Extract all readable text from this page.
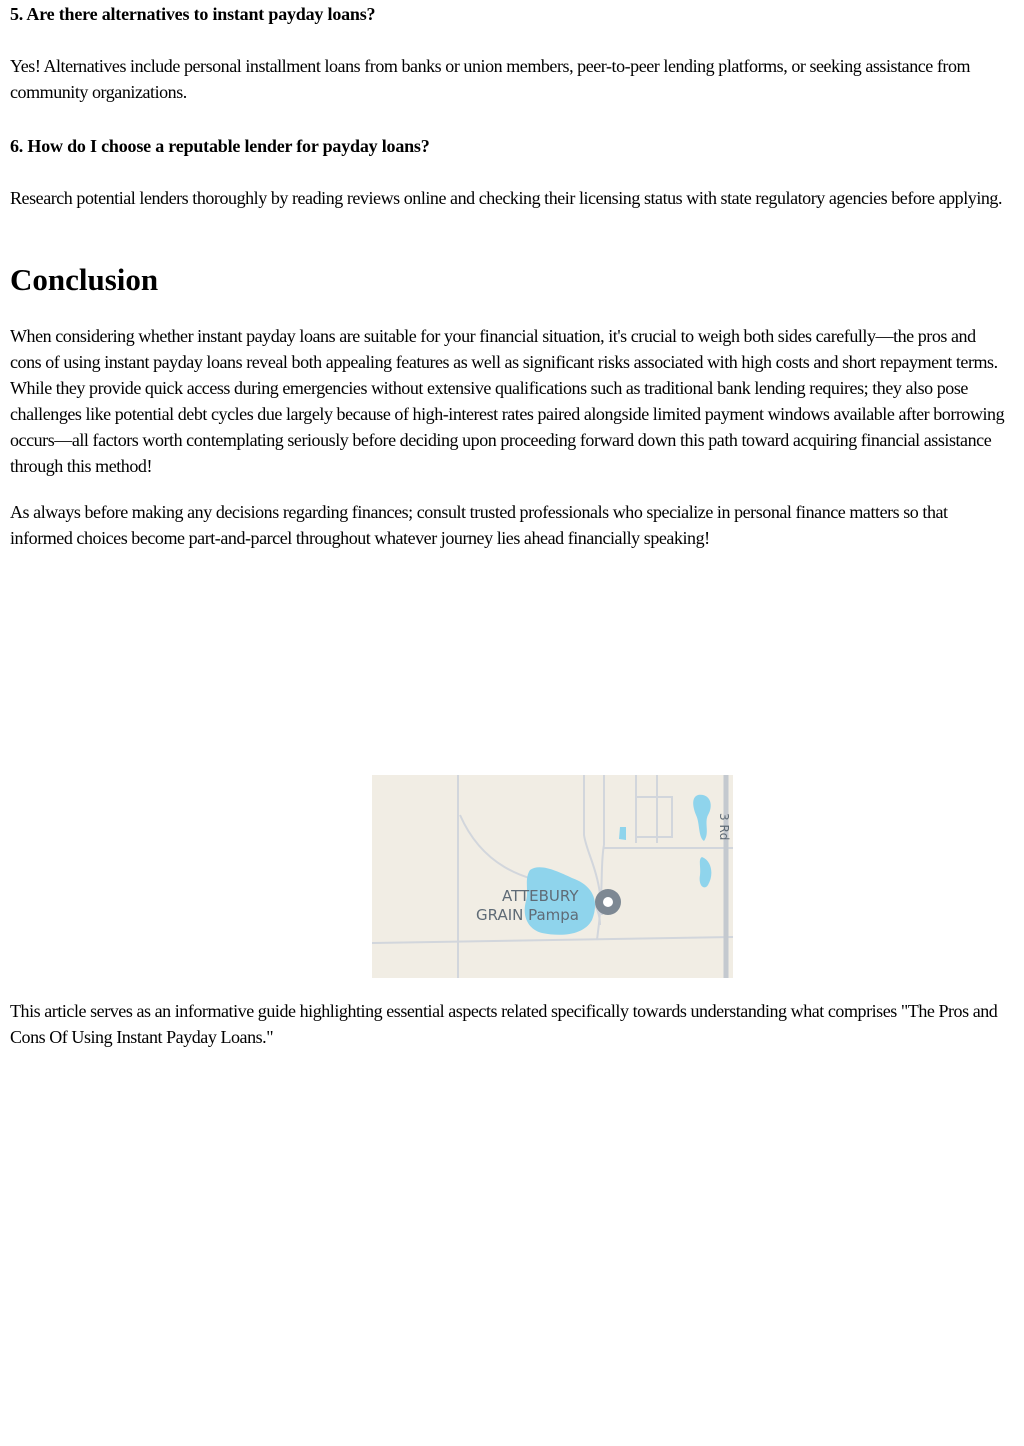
5. Are there alternatives to instant payday loans?

Yes! Alternatives include personal installment loans from banks or union members, peer-to-peer lending platforms, or seeking assistance from community organizations.

6. How do I choose a reputable lender for payday loans?

Research potential lenders thoroughly by reading reviews online and checking their licensing status with state regulatory agencies before applying.

Conclusion

When considering whether instant payday loans are suitable for your financial situation, it's crucial to weigh both sides carefully—the pros and cons of using instant payday loans reveal both appealing features as well as significant risks associated with high costs and short repayment terms. While they provide quick access during emergencies without extensive qualifications such as traditional bank lending requires; they also pose challenges like potential debt cycles due largely because of high-interest rates paired alongside limited payment windows available after borrowing occurs—all factors worth contemplating seriously before deciding upon proceeding forward down this path toward acquiring financial assistance through this method!

As always before making any decisions regarding finances; consult trusted professionals who specialize in personal finance matters so that informed choices become part-and-parcel throughout whatever journey lies ahead financially speaking!

This article serves as an informative guide highlighting essential aspects related specifically towards understanding what comprises "The Pros and Cons Of Using Instant Payday Loans."

ATTEBURY
GRAIN Pampa
3 Rd
